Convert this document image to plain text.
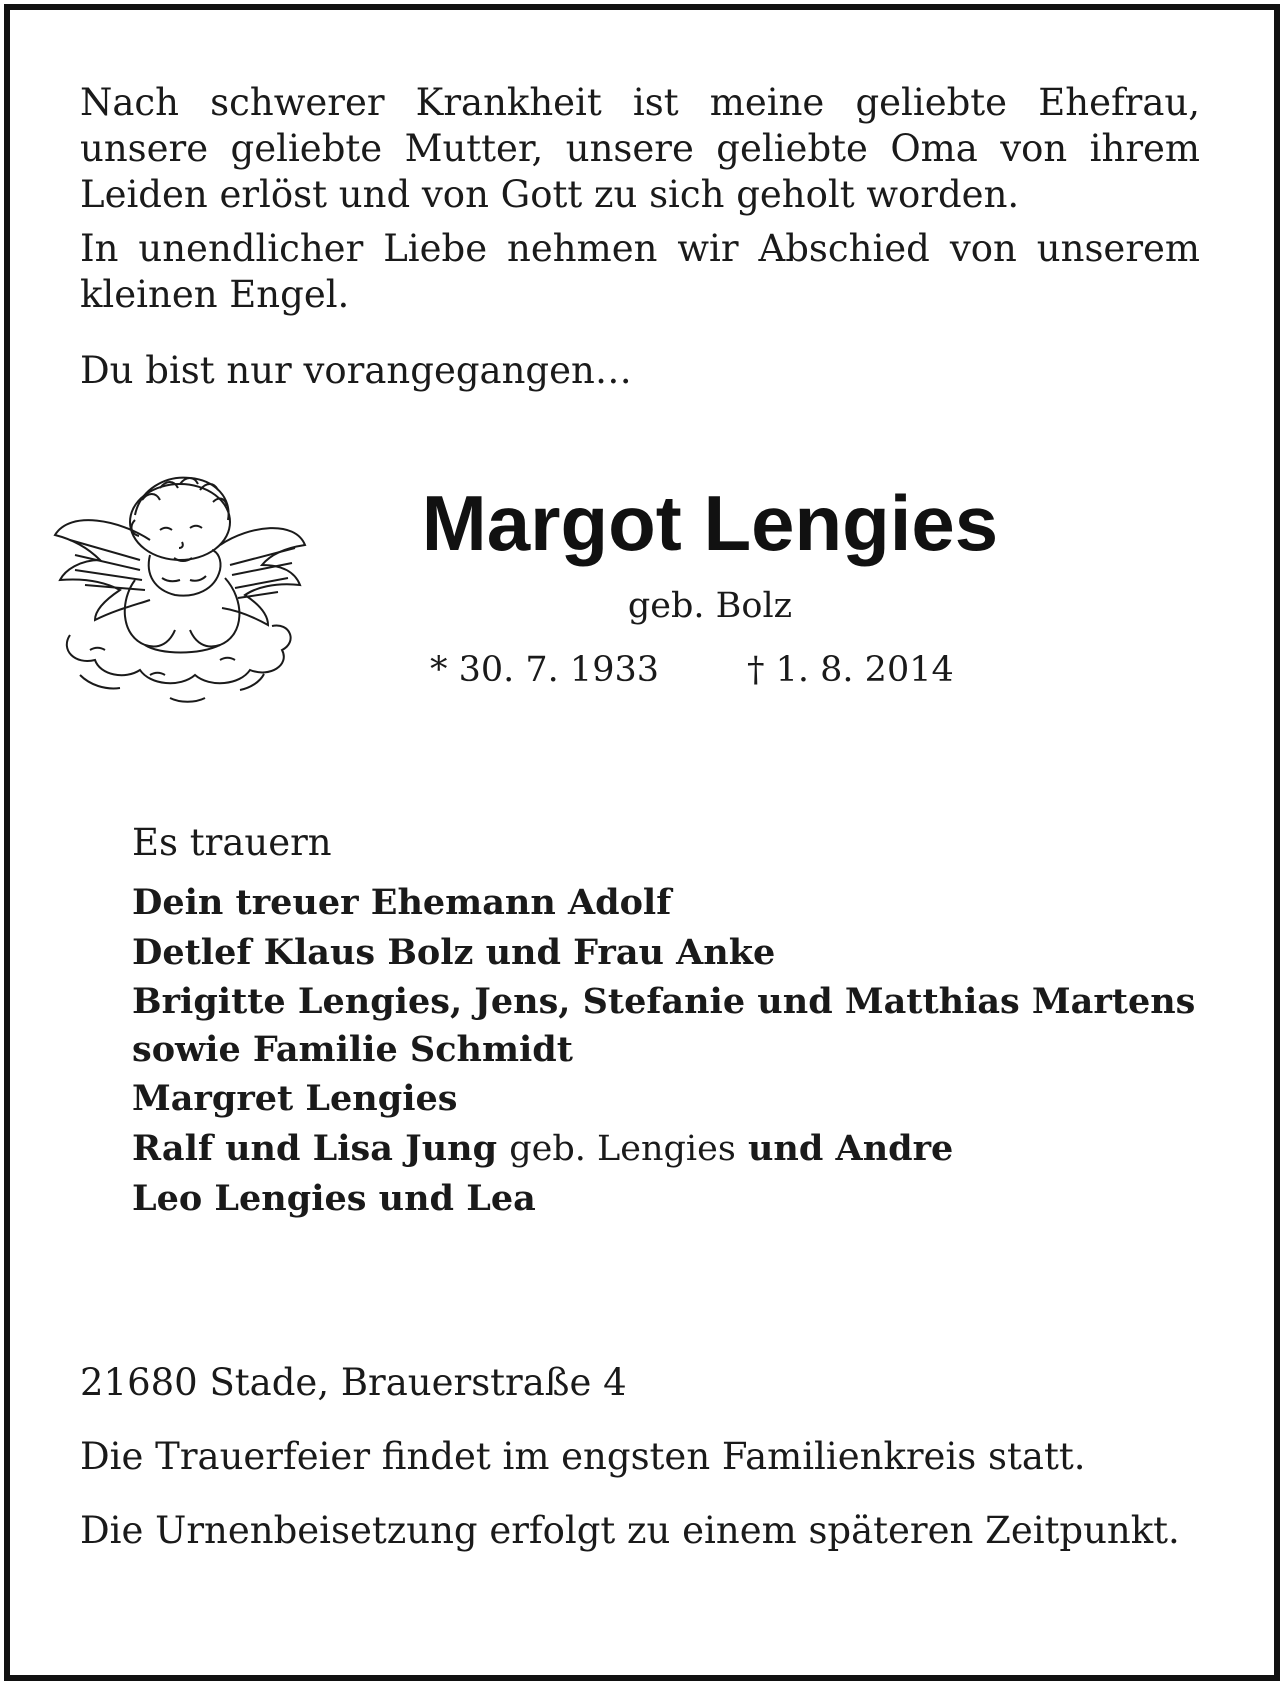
Nach schwerer Krankheit ist meine geliebte Ehefrau, unsere geliebte Mutter, unsere geliebte Oma von ihrem Leiden erlöst und von Gott zu sich geholt worden.

In unendlicher Liebe nehmen wir Abschied von unserem kleinen Engel.

Du bist nur vorangegangen…

Margot Lengies
geb. Bolz
* 30. 7. 1933	† 1. 8. 2014
Es trauern
Dein treuer Ehemann Adolf
Detlef Klaus Bolz und Frau Anke
Brigitte Lengies, Jens, Stefanie und Matthias Martens
sowie Familie Schmidt
Margret Lengies
Ralf und Lisa Jung geb. Lengies und Andre
Leo Lengies und Lea

21680 Stade, Brauerstraße 4

Die Trauerfeier findet im engsten Familienkreis statt.

Die Urnenbeisetzung erfolgt zu einem späteren Zeitpunkt.
